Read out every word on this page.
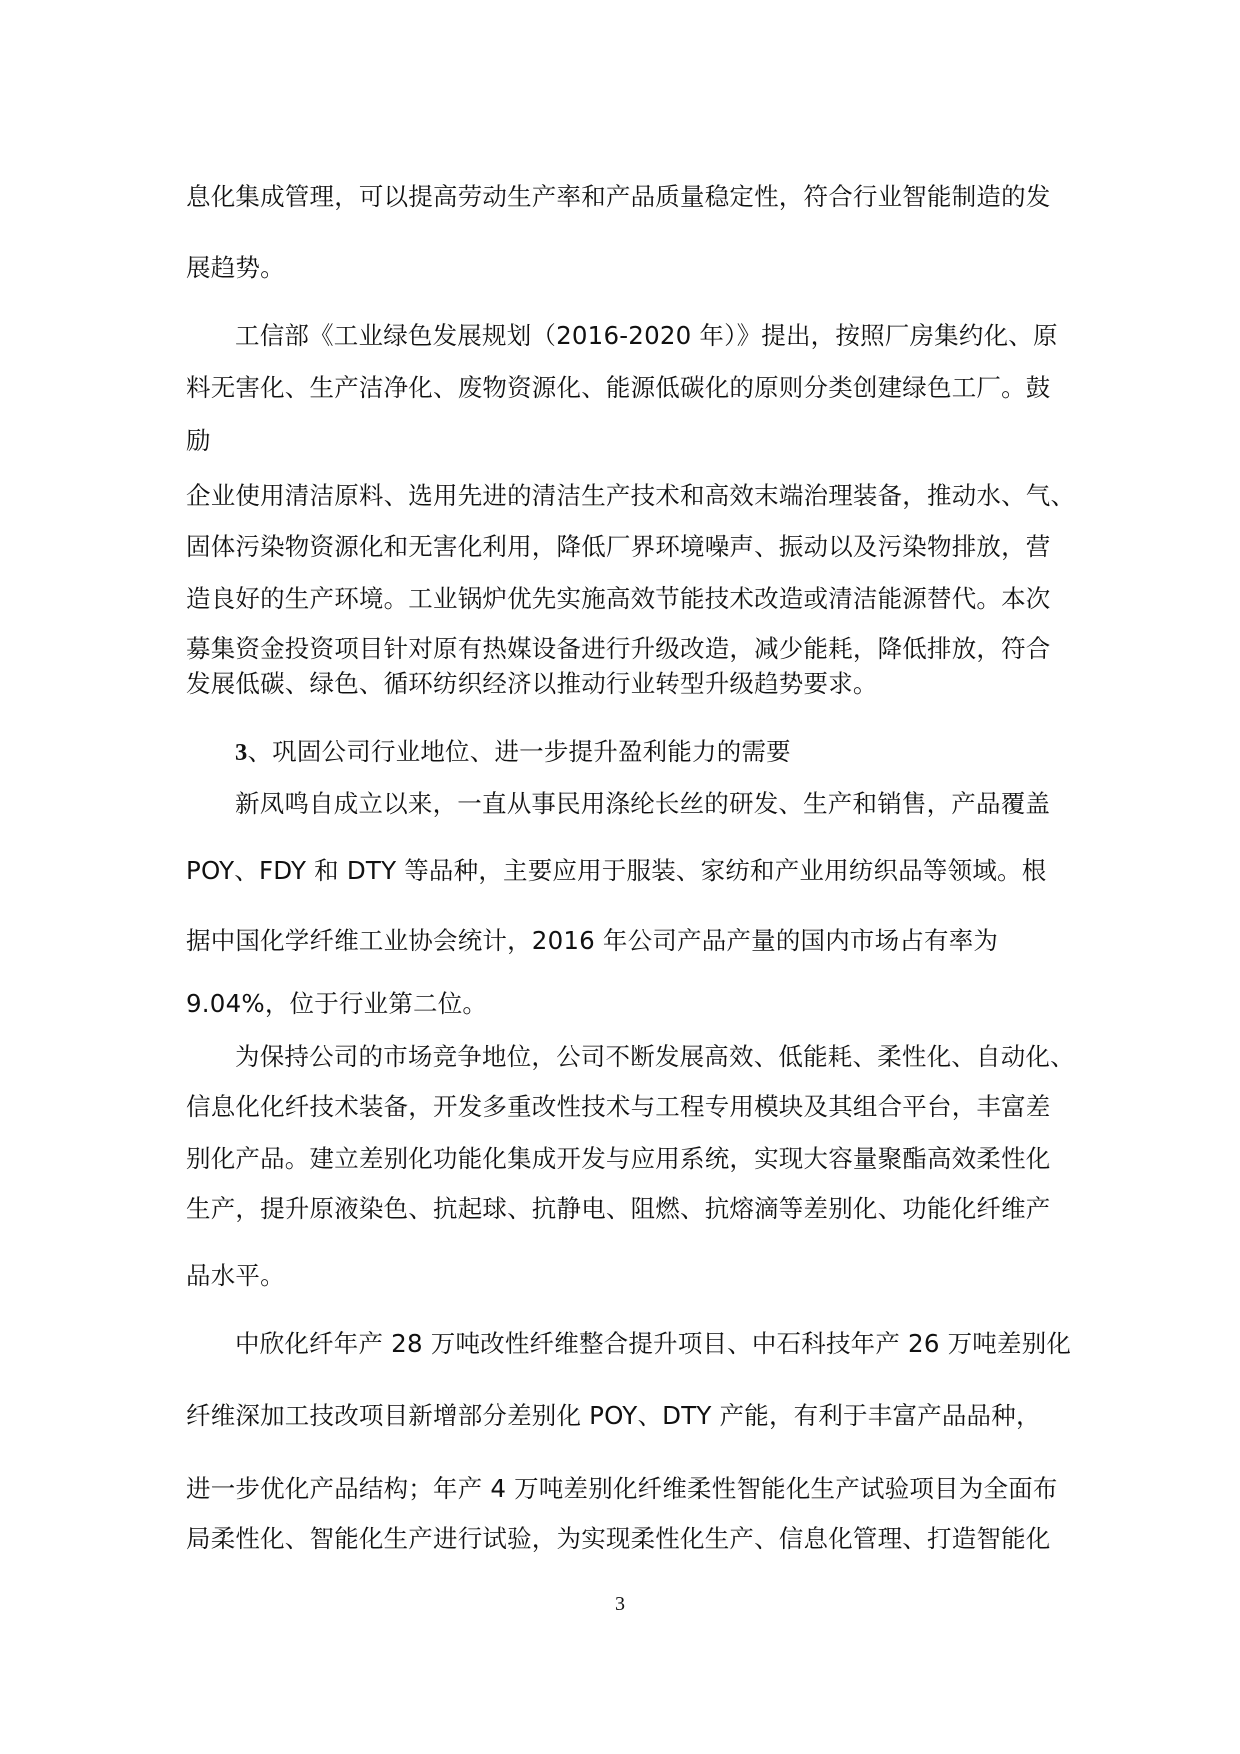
息化集成管理，可以提高劳动生产率和产品质量稳定性，符合行业智能制造的发
展趋势。
工信部《工业绿色发展规划（2016-2020 年）》提出，按照厂房集约化、原
料无害化、生产洁净化、废物资源化、能源低碳化的原则分类创建绿色工厂。鼓
励
企业使用清洁原料、选用先进的清洁生产技术和高效末端治理装备，推动水、气、
固体污染物资源化和无害化利用，降低厂界环境噪声、振动以及污染物排放，营
造良好的生产环境。工业锅炉优先实施高效节能技术改造或清洁能源替代。本次
募集资金投资项目针对原有热媒设备进行升级改造，减少能耗，降低排放，符合
发展低碳、绿色、循环纺织经济以推动行业转型升级趋势要求。
3、巩固公司行业地位、进一步提升盈利能力的需要
新凤鸣自成立以来，一直从事民用涤纶长丝的研发、生产和销售，产品覆盖
POY、FDY 和 DTY 等品种，主要应用于服装、家纺和产业用纺织品等领域。根
据中国化学纤维工业协会统计，2016 年公司产品产量的国内市场占有率为
9.04%，位于行业第二位。
为保持公司的市场竞争地位，公司不断发展高效、低能耗、柔性化、自动化、
信息化化纤技术装备，开发多重改性技术与工程专用模块及其组合平台，丰富差
别化产品。建立差别化功能化集成开发与应用系统，实现大容量聚酯高效柔性化
生产，提升原液染色、抗起球、抗静电、阻燃、抗熔滴等差别化、功能化纤维产
品水平。
中欣化纤年产 28 万吨改性纤维整合提升项目、中石科技年产 26 万吨差别化
纤维深加工技改项目新增部分差别化 POY、DTY 产能，有利于丰富产品品种，
进一步优化产品结构；年产 4 万吨差别化纤维柔性智能化生产试验项目为全面布
局柔性化、智能化生产进行试验，为实现柔性化生产、信息化管理、打造智能化
3
